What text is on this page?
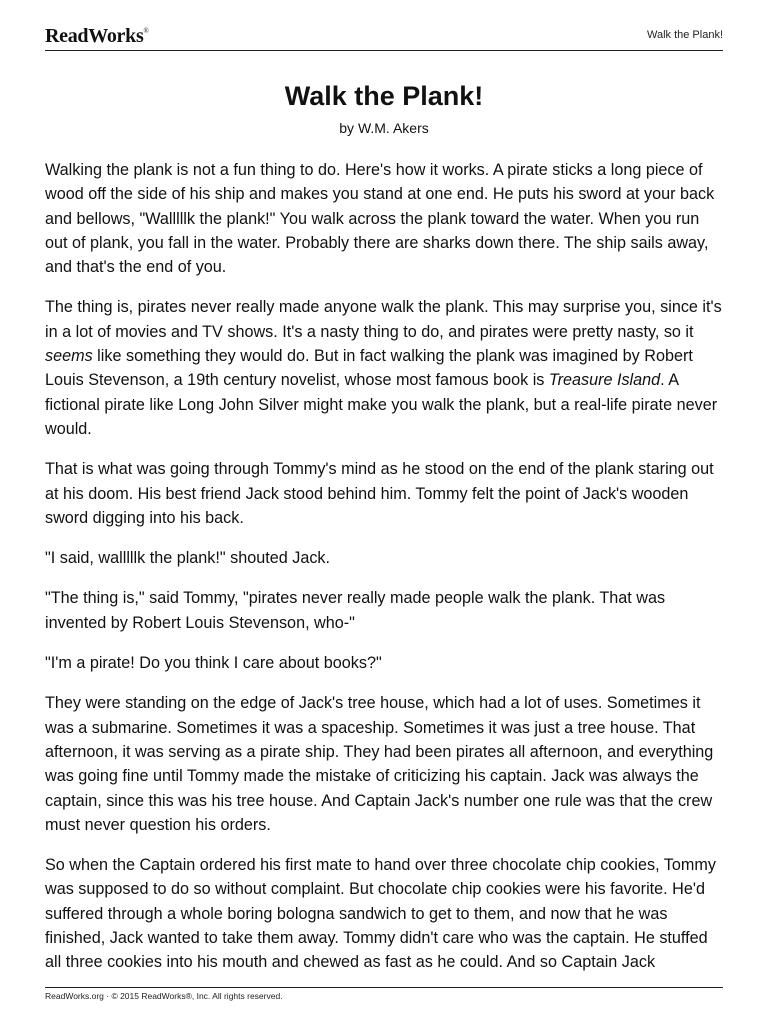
ReadWorks®	Walk the Plank!
Walk the Plank!
by W.M. Akers

Walking the plank is not a fun thing to do. Here's how it works. A pirate sticks a long piece of wood off the side of his ship and makes you stand at one end. He puts his sword at your back and bellows, "Walllllk the plank!" You walk across the plank toward the water. When you run out of plank, you fall in the water. Probably there are sharks down there. The ship sails away, and that's the end of you.

The thing is, pirates never really made anyone walk the plank. This may surprise you, since it's in a lot of movies and TV shows. It's a nasty thing to do, and pirates were pretty nasty, so it seems like something they would do. But in fact walking the plank was imagined by Robert Louis Stevenson, a 19th century novelist, whose most famous book is Treasure Island. A fictional pirate like Long John Silver might make you walk the plank, but a real-life pirate never would.

That is what was going through Tommy's mind as he stood on the end of the plank staring out at his doom. His best friend Jack stood behind him. Tommy felt the point of Jack's wooden sword digging into his back.

"I said, walllllk the plank!" shouted Jack.

"The thing is," said Tommy, "pirates never really made people walk the plank. That was invented by Robert Louis Stevenson, who-"

"I'm a pirate! Do you think I care about books?"

They were standing on the edge of Jack's tree house, which had a lot of uses. Sometimes it was a submarine. Sometimes it was a spaceship. Sometimes it was just a tree house. That afternoon, it was serving as a pirate ship. They had been pirates all afternoon, and everything was going fine until Tommy made the mistake of criticizing his captain. Jack was always the captain, since this was his tree house. And Captain Jack's number one rule was that the crew must never question his orders.

So when the Captain ordered his first mate to hand over three chocolate chip cookies, Tommy was supposed to do so without complaint. But chocolate chip cookies were his favorite. He'd suffered through a whole boring bologna sandwich to get to them, and now that he was finished, Jack wanted to take them away. Tommy didn't care who was the captain. He stuffed all three cookies into his mouth and chewed as fast as he could. And so Captain Jack

ReadWorks.org · © 2015 ReadWorks®, Inc. All rights reserved.
